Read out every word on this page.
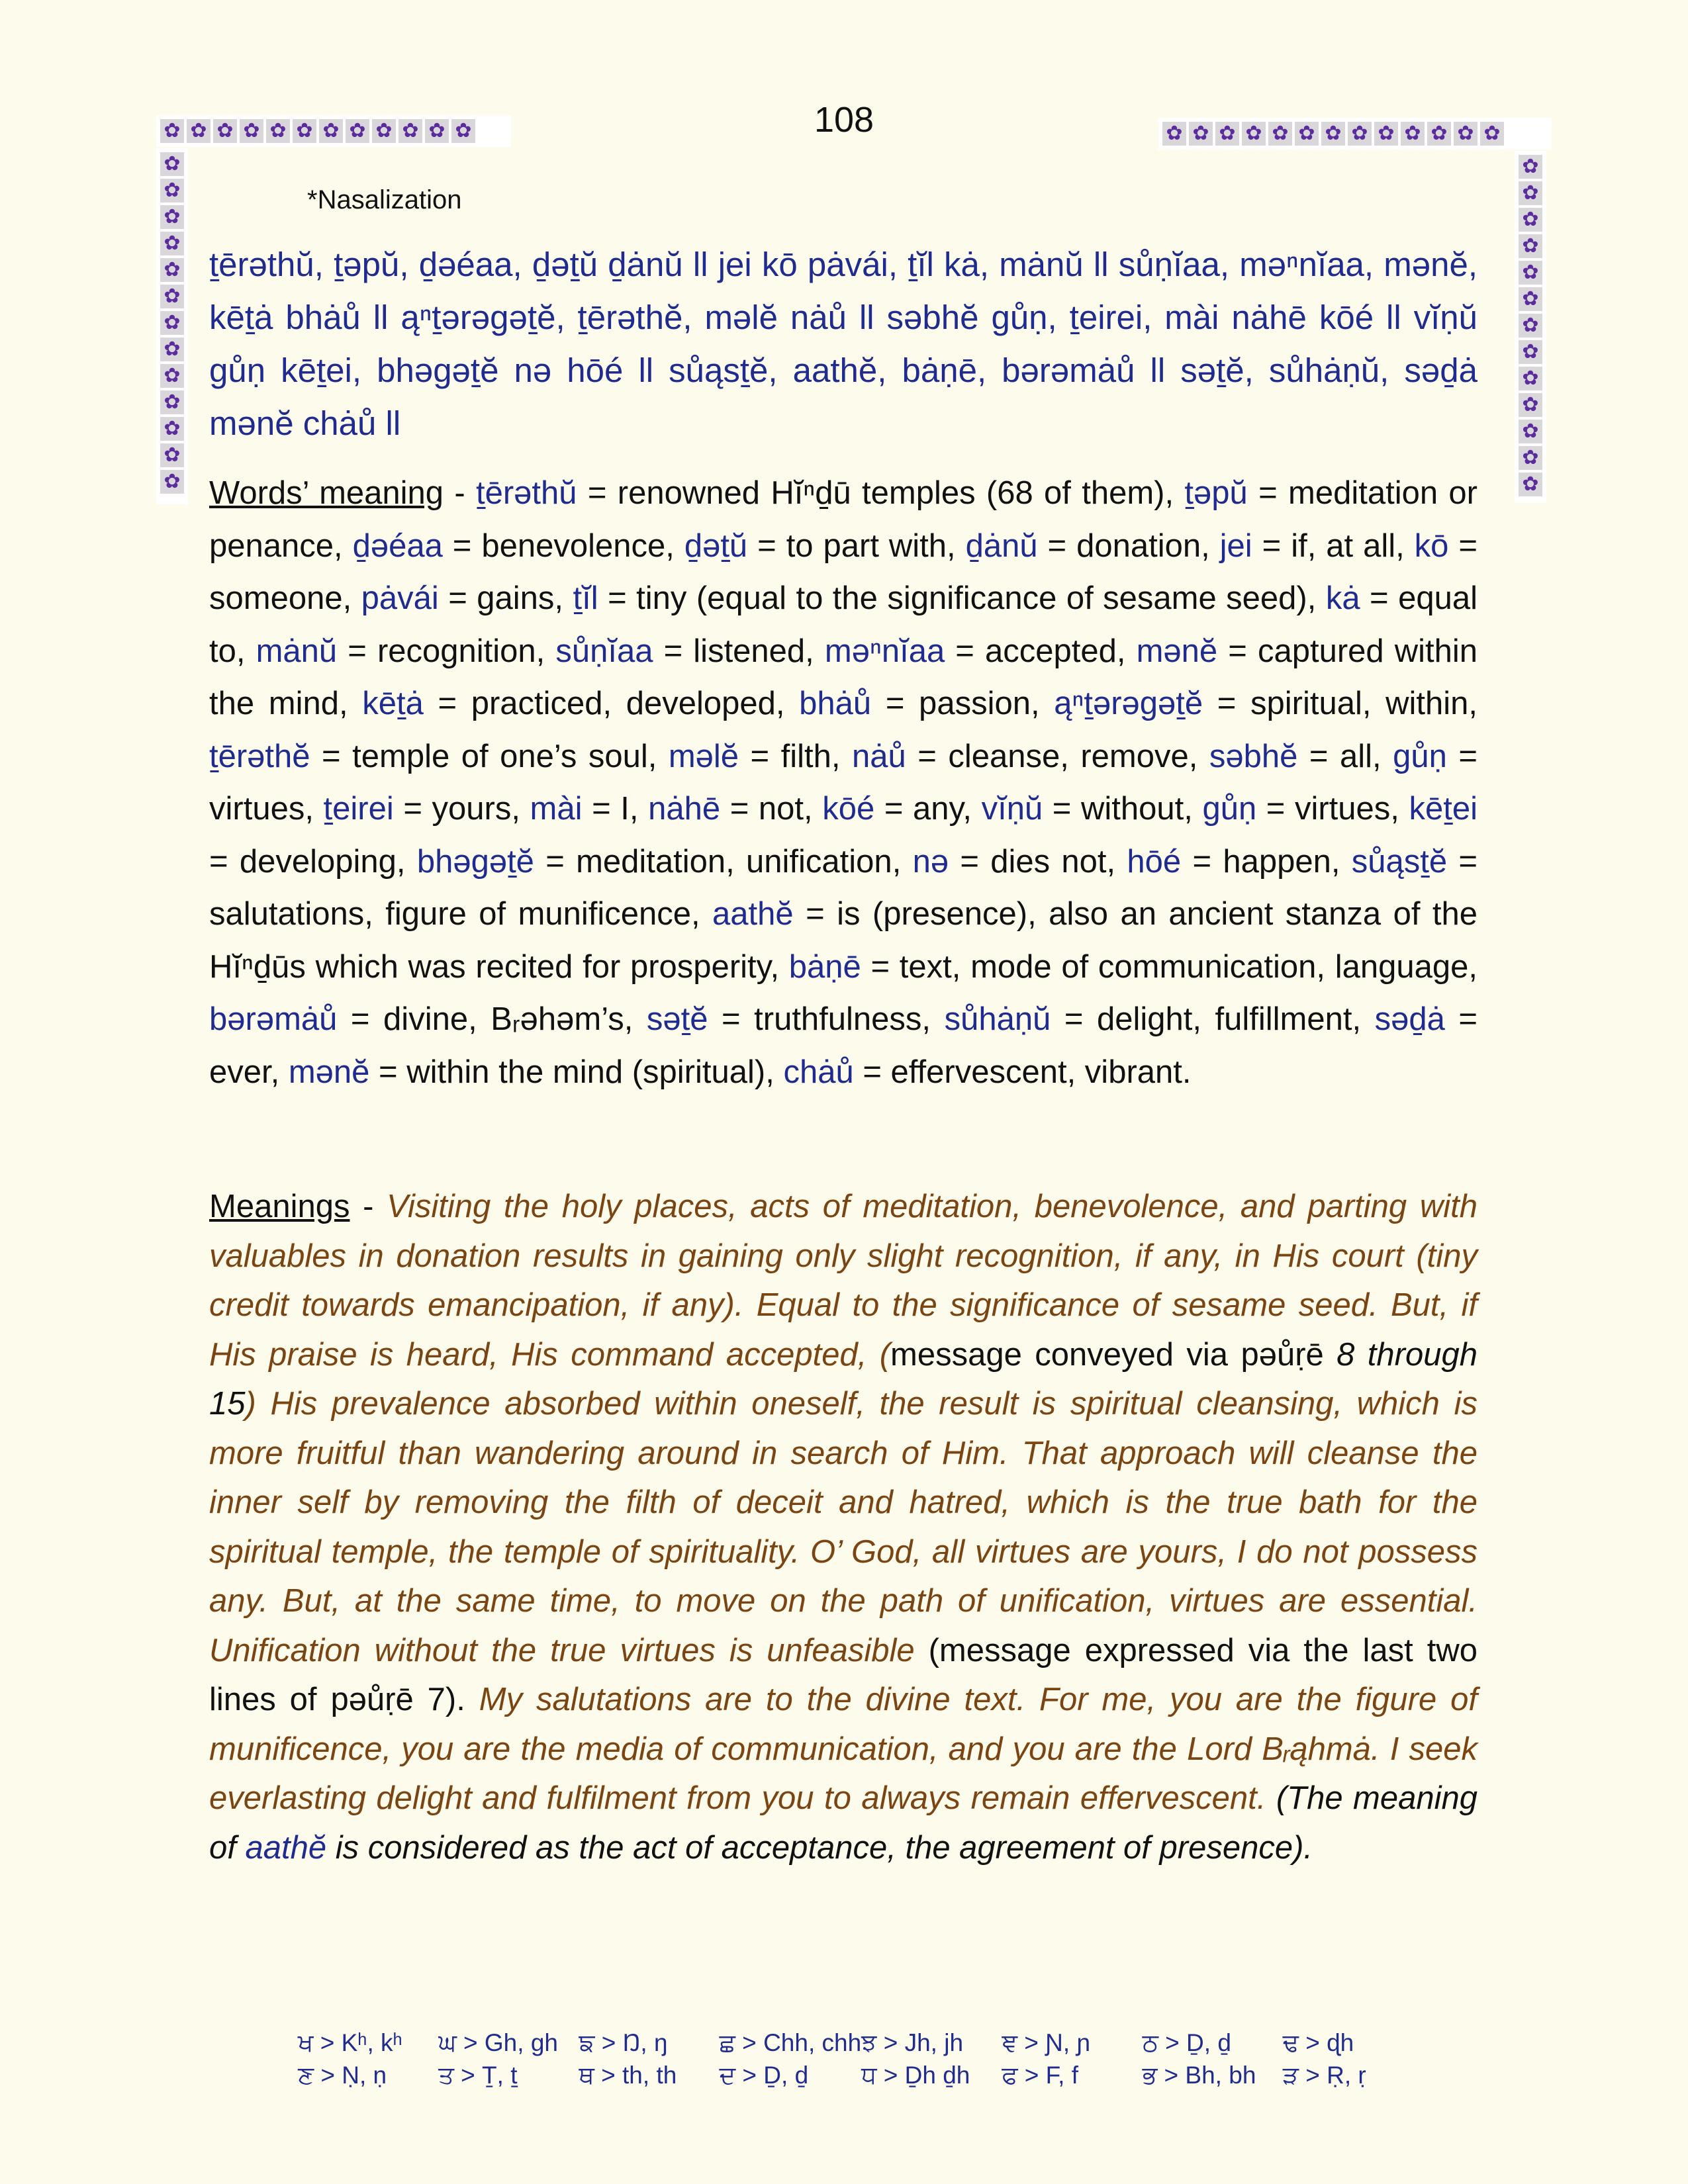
✿ ✿ ✿ ✿ ✿ ✿ ✿ ✿ ✿ ✿ ✿ ✿	✿ ✿ ✿ ✿ ✿ ✿ ✿ ✿ ✿ ✿ ✿ ✿ ✿
✿
✿
✿
✿
✿
✿
✿
✿
✿
✿
✿
✿
✿
✿
✿
✿
✿
✿
✿
✿
✿
✿
✿
✿
✿
✿
108
*Nasalization
ṯērəthŭ, ṯəpŭ, ḏəéaa, ḏəṯŭ ḏȧnŭ ll jei kō pȧvái, ṯĭl kȧ, mȧnŭ ll sůṇĭaa, məⁿnĭaa, mənĕ, kēṯȧ bhȧů ll ąⁿṯərəgəṯĕ, ṯērəthĕ, məlĕ nȧů ll səbhĕ gůṇ, ṯeirei, mài nȧhē kōé ll vĭṇŭ gůṇ kēṯei, bhəgəṯĕ nə hōé ll sůąsṯĕ, aathĕ, bȧṇē, bərəmȧů ll səṯĕ, sůhȧṇŭ, səḏȧ mənĕ chȧů ll
Words’ meaning - ṯērəthŭ = renowned Hĭⁿḏū temples (68 of them), ṯəpŭ = meditation or penance, ḏəéaa = benevolence, ḏəṯŭ = to part with, ḏȧnŭ = donation, jei = if, at all, kō = someone, pȧvái = gains, ṯĭl = tiny (equal to the significance of sesame seed), kȧ = equal to, mȧnŭ = recognition, sůṇĭaa = listened, məⁿnĭaa = accepted, mənĕ = captured within the mind, kēṯȧ = practiced, developed, bhȧů = passion, ąⁿṯərəgəṯĕ = spiritual, within, ṯērəthĕ = temple of one’s soul, məlĕ = filth, nȧů = cleanse, remove, səbhĕ = all, gůṇ = virtues, ṯeirei = yours, mài = I, nȧhē = not, kōé = any, vĭṇŭ = without, gůṇ = virtues, kēṯei = developing, bhəgəṯĕ = meditation, unification, nə = dies not, hōé = happen, sůąsṯĕ = salutations, figure of munificence, aathĕ = is (presence), also an ancient stanza of the Hĭⁿḏūs which was recited for prosperity, bȧṇē = text, mode of communication, language, bərəmȧů = divine, Bᵣəhəm’s, səṯĕ = truthfulness, sůhȧṇŭ = delight, fulfillment, səḏȧ = ever, mənĕ = within the mind (spiritual), chȧů = effervescent, vibrant.
Meanings - Visiting the holy places, acts of meditation, benevolence, and parting with valuables in donation results in gaining only slight recognition, if any, in His court (tiny credit towards emancipation, if any). Equal to the significance of sesame seed. But, if His praise is heard, His command accepted, (message conveyed via pəůṛē 8 through 15) His prevalence absorbed within oneself, the result is spiritual cleansing, which is more fruitful than wandering around in search of Him. That approach will cleanse the inner self by removing the filth of deceit and hatred, which is the true bath for the spiritual temple, the temple of spirituality. O’ God, all virtues are yours, I do not possess any. But, at the same time, to move on the path of unification, virtues are essential. Unification without the true virtues is unfeasible (message expressed via the last two lines of pəůṛē 7). My salutations are to the divine text. For me, you are the figure of munificence, you are the media of communication, and you are the Lord Bᵣąhmȧ. I seek everlasting delight and fulfilment from you to always remain effervescent. (The meaning of aathĕ is considered as the act of acceptance, the agreement of presence).
ਖ > Kʰ, kʰ	ਘ > Gh, gh ਙ > Ŋ, ŋ	ਛ > Chh, chh ਝ > Jh, jh	ਞ > Ɲ, ɲ	ਠ > Ḏ, ḏ	ਢ > ɖh
ਣ > Ṇ, ṇ	ਤ > Ṯ, ṯ	ਥ > th, th	ਦ > Ḏ, ḏ	ਧ > Ḏh ḏh	ਫ > F, f	ਭ > Bh, bh	ੜ > Ṛ, ṛ
